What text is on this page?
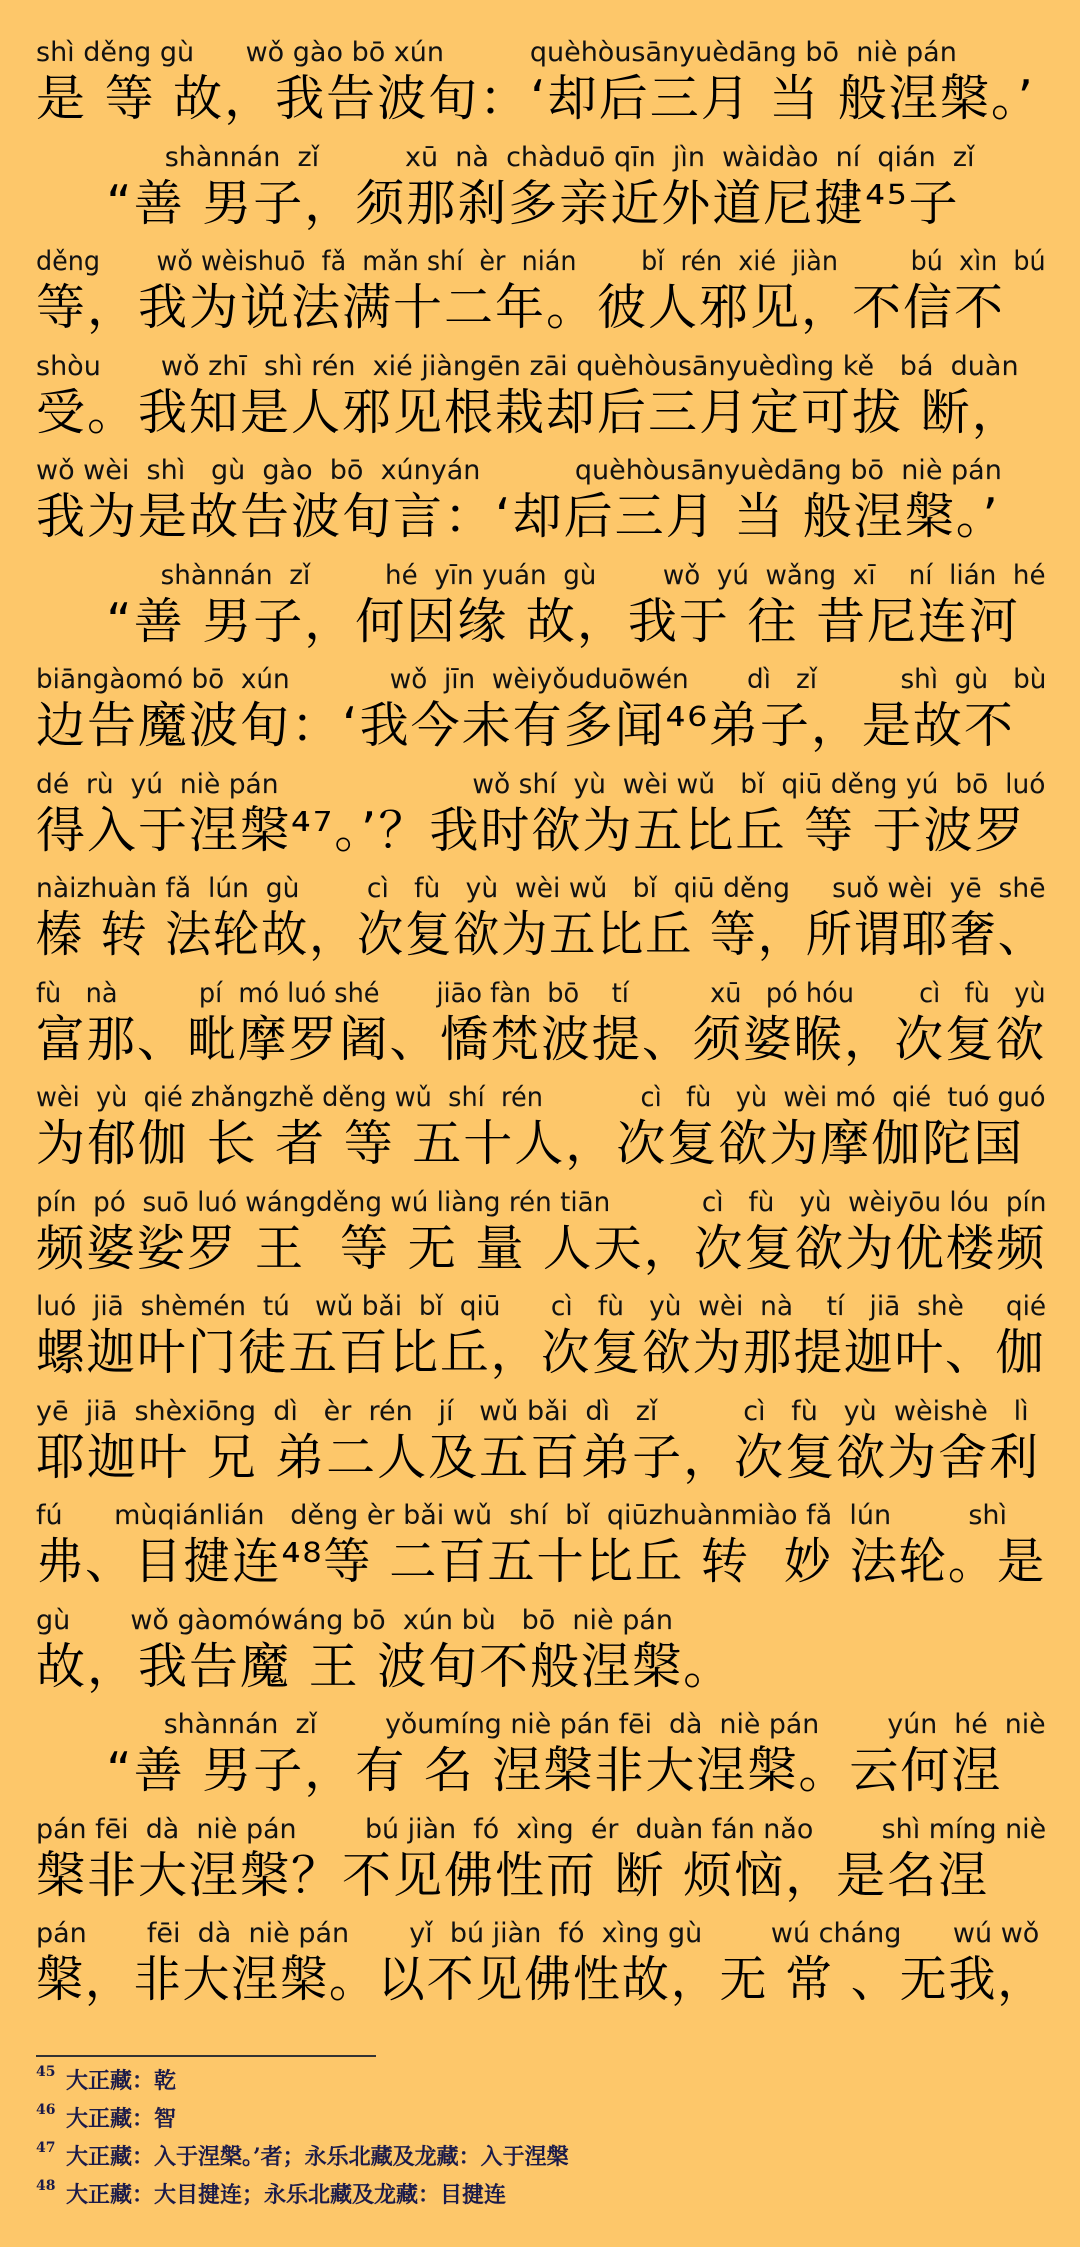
shì děng gù      wǒ gào bō xún          quèhòusānyuèdāng bō  niè pán
是 等 故，我告波旬：‘却后三月 当 般涅槃。’
shànnán  zǐ          xū  nà  chàduō qīn  jìn  wàidào  ní  qián  zǐ
“善 男子，须那刹多亲近外道尼揵⁴⁵子
děng       wǒ wèishuō  fǎ  mǎn shí  èr  nián        bǐ  rén  xié  jiàn         bú  xìn  bú
等，我为说法满十二年。彼人邪见，不信不
shòu       wǒ zhī  shì rén  xié jiàngēn zāi quèhòusānyuèdìng kě   bá  duàn
受。我知是人邪见根栽却后三月定可拔 断，
wǒ wèi  shì   gù  gào  bō  xúnyán           quèhòusānyuèdāng bō  niè pán
我为是故告波旬言：‘却后三月 当 般涅槃。’
shànnán  zǐ         hé  yīn yuán  gù        wǒ  yú  wǎng  xī    ní  lián  hé
“善 男子，何因缘 故，我于 往 昔尼连河
biāngàomó bō  xún            wǒ  jīn  wèiyǒuduōwén       dì   zǐ          shì  gù   bù
边告魔波旬：‘我今未有多闻⁴⁶弟子，是故不
dé  rù  yú  niè pán                       wǒ shí  yù  wèi wǔ   bǐ  qiū děng yú  bō  luó
得入于涅槃⁴⁷。’？我时欲为五比丘 等 于波罗
nàizhuàn fǎ  lún  gù        cì   fù   yù  wèi wǔ   bǐ  qiū děng     suǒ wèi  yē  shē
榛 转 法轮故，次复欲为五比丘 等，所谓耶奢、
fù   nà          pí  mó luó shé       jiāo fàn  bō    tí          xū   pó hóu        cì   fù   yù
富那、毗摩罗阇、憍梵波提、须婆睺，次复欲
wèi  yù  qié zhǎngzhě děng wǔ  shí  rén            cì   fù   yù  wèi mó  qié  tuó guó
为郁伽 长 者 等 五十人，次复欲为摩伽陀国
pín  pó  suō luó wángděng wú liàng rén tiān           cì   fù   yù  wèiyōu lóu  pín
频婆娑罗 王  等 无 量 人天，次复欲为优楼频
luó  jiā  shèmén  tú   wǔ bǎi  bǐ  qiū      cì   fù   yù  wèi  nà    tí   jiā  shè     qié
螺迦叶门徒五百比丘，次复欲为那提迦叶、伽
yē  jiā  shèxiōng  dì   èr  rén   jí   wǔ bǎi  dì   zǐ          cì   fù   yù  wèishè   lì
耶迦叶 兄 弟二人及五百弟子，次复欲为舍利
fú      mùqiánlián   děng èr bǎi wǔ  shí  bǐ  qiūzhuànmiào fǎ  lún         shì
弗、目揵连⁴⁸等 二百五十比丘 转  妙 法轮。是
gù       wǒ gàomówáng bō  xún bù   bō  niè pán
故，我告魔 王 波旬不般涅槃。
shànnán  zǐ        yǒumíng niè pán fēi  dà  niè pán        yún  hé  niè
“善 男子，有 名 涅槃非大涅槃。云何涅
pán fēi  dà  niè pán        bú jiàn  fó  xìng  ér  duàn fán nǎo        shì míng niè
槃非大涅槃？不见佛性而 断 烦恼，是名涅
pán       fēi  dà  niè pán       yǐ  bú jiàn  fó  xìng gù        wú cháng      wú wǒ
槃，非大涅槃。以不见佛性故，无 常 、无我，
45 大正藏：乾
46 大正藏：智
47 大正藏：入于涅槃。’者；永乐北藏及龙藏：入于涅槃
48 大正藏：大目揵连；永乐北藏及龙藏：目揵连
